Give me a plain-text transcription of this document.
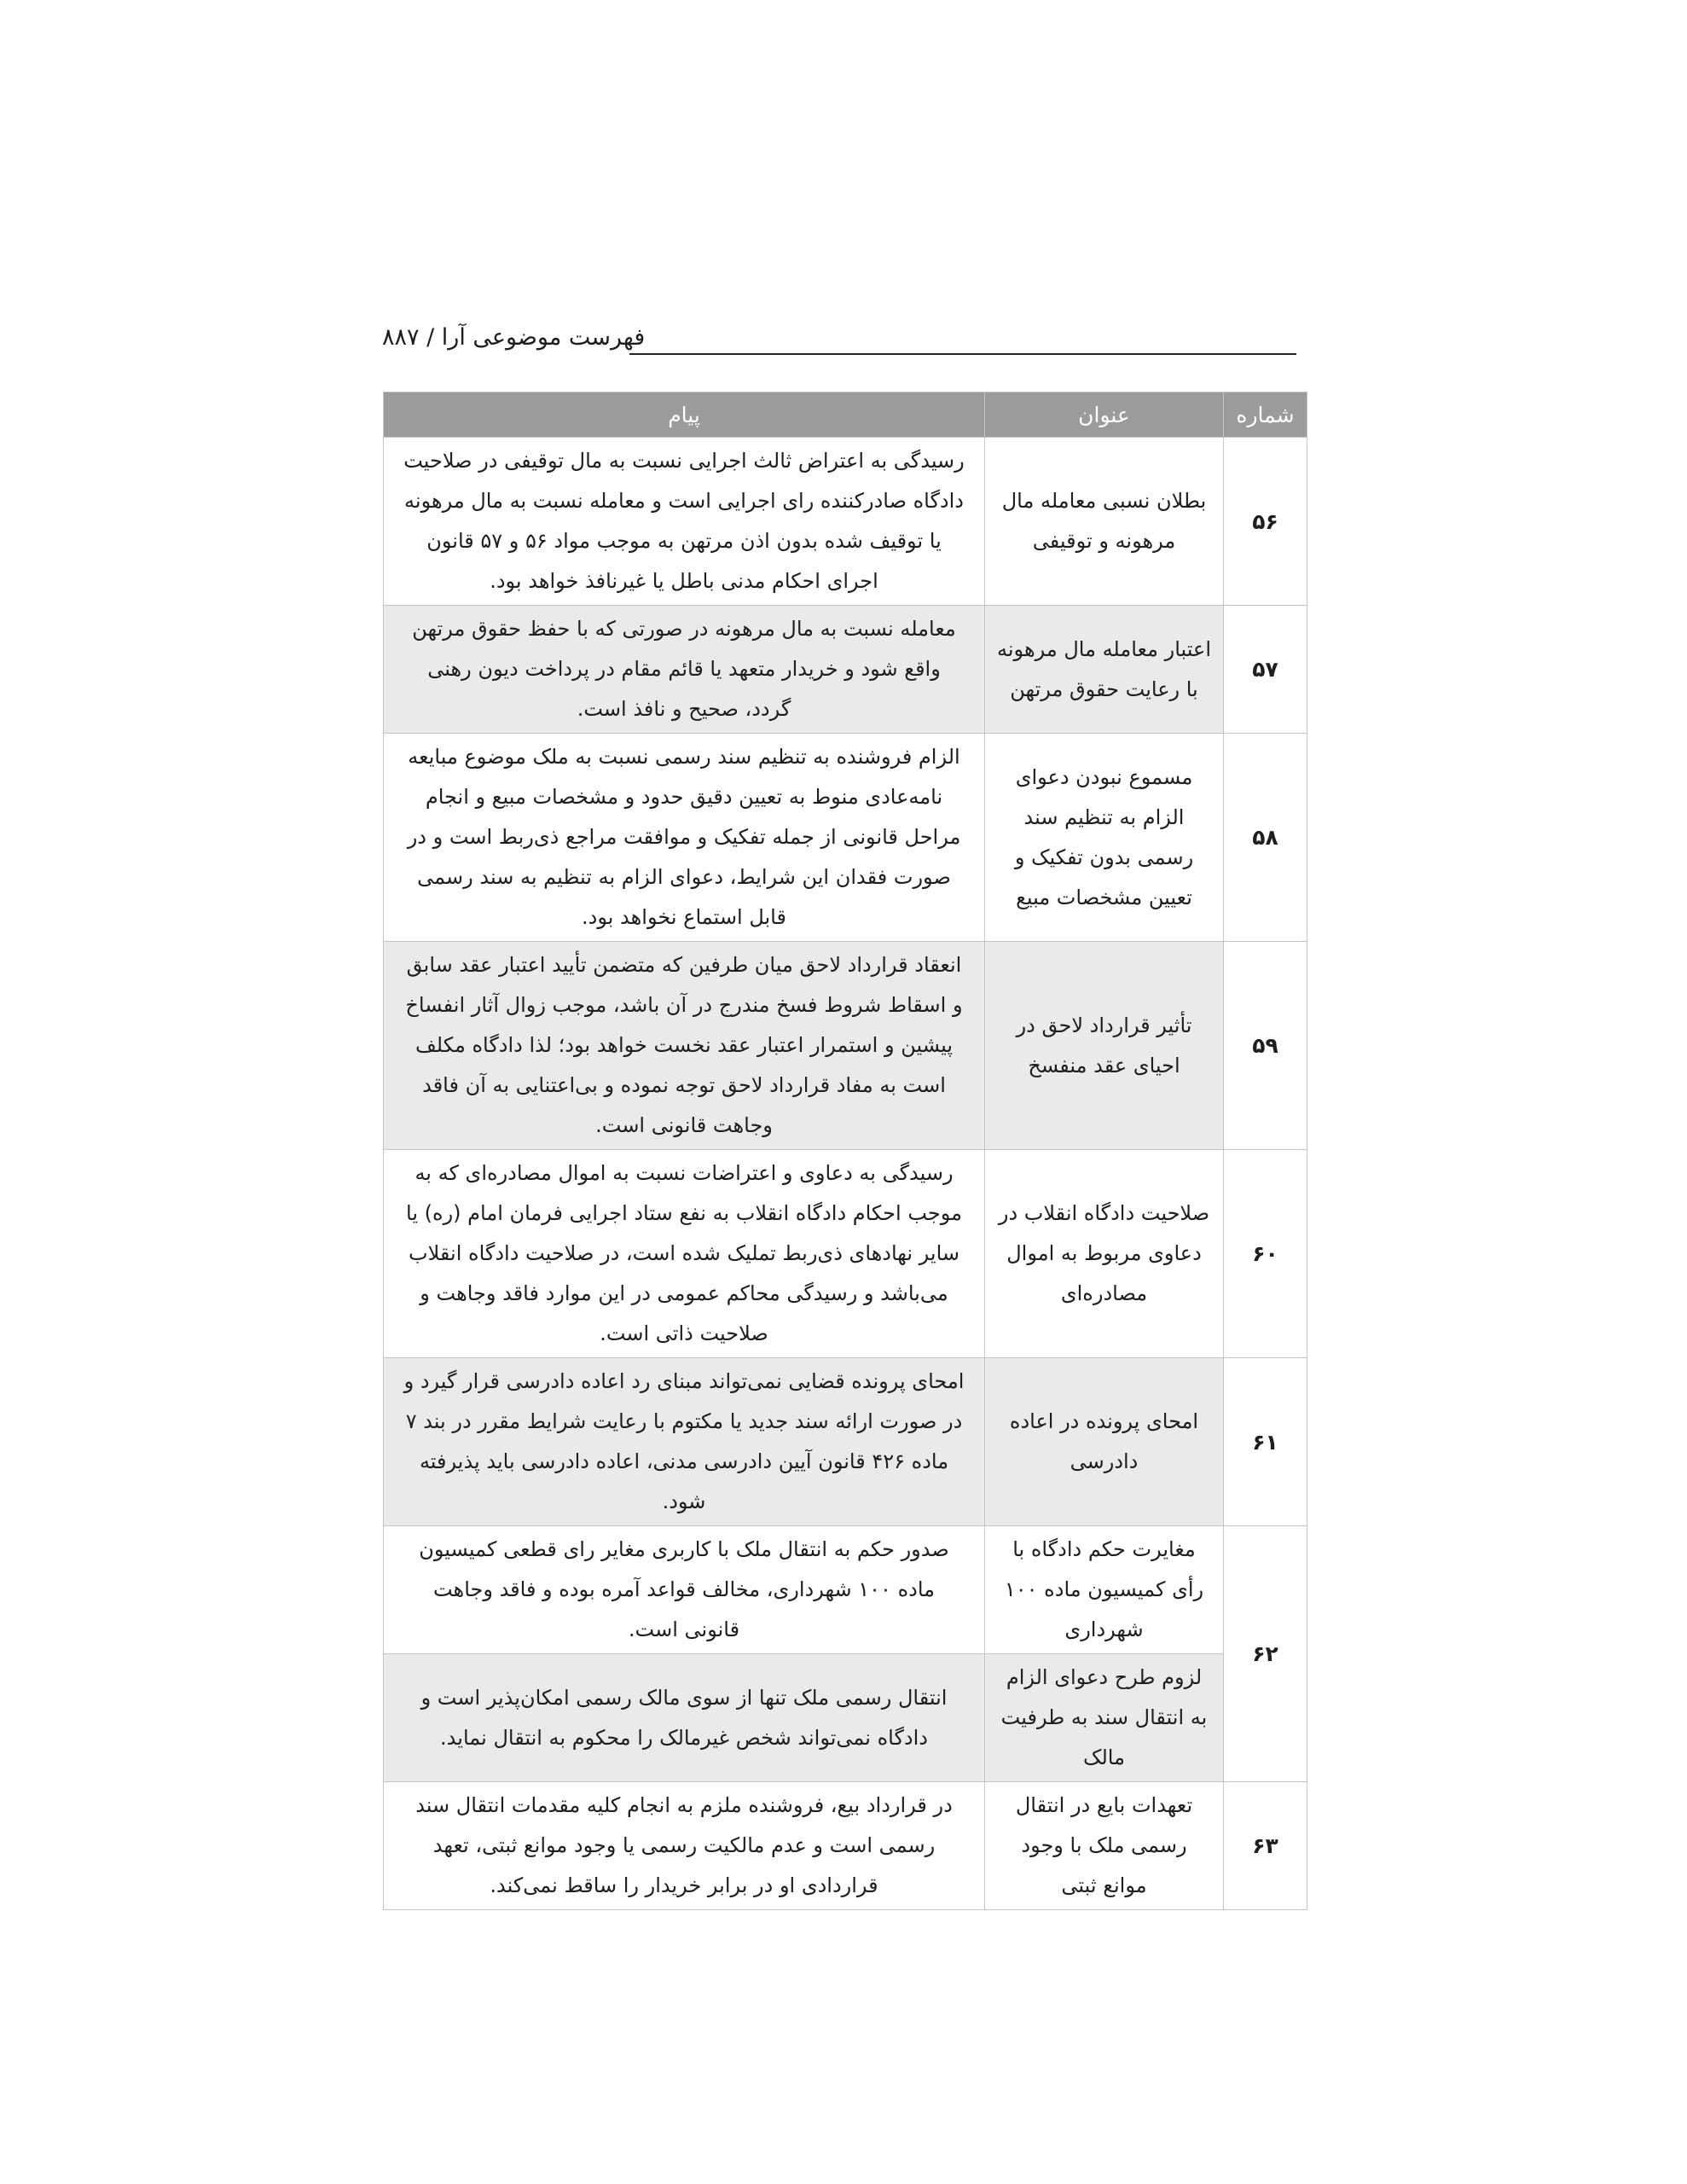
فهرست موضوعی آرا / ۸۸۷
شماره	عنوان	پیام
۵۶	بطلان نسبی معامله مال مرهونه و توقیفی	رسیدگی به اعتراض ثالث اجرایی نسبت به مال توقیفی در صلاحیت دادگاه صادرکننده رای اجرایی است و معامله نسبت به مال مرهونه یا توقیف شده بدون اذن مرتهن به موجب مواد ۵۶ و ۵۷ قانون اجرای احکام مدنی باطل یا غیرنافذ خواهد بود.
۵۷	اعتبار معامله مال مرهونه با رعایت حقوق مرتهن	معامله نسبت به مال مرهونه در صورتی که با حفظ حقوق مرتهن واقع شود و خریدار متعهد یا قائم مقام در پرداخت دیون رهنی گردد، صحیح و نافذ است.
۵۸	مسموع نبودن دعوای الزام به تنظیم سند رسمی بدون تفکیک و تعیین مشخصات مبیع	الزام فروشنده به تنظیم سند رسمی نسبت به ملک موضوع مبایعه نامه‌عادی منوط به تعیین دقیق حدود و مشخصات مبیع و انجام مراحل قانونی از جمله تفکیک و موافقت مراجع ذی‌ربط است و در صورت فقدان این شرایط، دعوای الزام به تنظیم به سند رسمی قابل استماع نخواهد بود.
۵۹	تأثیر قرارداد لاحق در احیای عقد منفسخ	انعقاد قرارداد لاحق میان طرفین که متضمن تأیید اعتبار عقد سابق و اسقاط شروط فسخ مندرج در آن باشد، موجب زوال آثار انفساخ پیشین و استمرار اعتبار عقد نخست خواهد بود؛ لذا دادگاه مکلف است به مفاد قرارداد لاحق توجه نموده و بی‌اعتنایی به آن فاقد وجاهت قانونی است.
۶۰	صلاحیت دادگاه انقلاب در دعاوی مربوط به اموال مصادره‌ای	رسیدگی به دعاوی و اعتراضات نسبت به اموال مصادره‌ای که به موجب احکام دادگاه انقلاب به نفع ستاد اجرایی فرمان امام (ره) یا سایر نهادهای ذی‌ربط تملیک شده است، در صلاحیت دادگاه انقلاب می‌باشد و رسیدگی محاکم عمومی در این موارد فاقد وجاهت و صلاحیت ذاتی است.
۶۱	امحای پرونده در اعاده دادرسی	امحای پرونده قضایی نمی‌تواند مبنای رد اعاده دادرسی قرار گیرد و در صورت ارائه سند جدید یا مکتوم با رعایت شرایط مقرر در بند ۷ ماده ۴۲۶ قانون آیین دادرسی مدنی، اعاده دادرسی باید پذیرفته شود.
۶۲	مغایرت حکم دادگاه با رأی کمیسیون ماده ۱۰۰ شهرداری	صدور حکم به انتقال ملک با کاربری مغایر رای قطعی کمیسیون ماده ۱۰۰ شهرداری، مخالف قواعد آمره بوده و فاقد وجاهت قانونی است.
	لزوم طرح دعوای الزام به انتقال سند به طرفیت مالک	انتقال رسمی ملک تنها از سوی مالک رسمی امکان‌پذیر است و دادگاه نمی‌تواند شخص غیرمالک را محکوم به انتقال نماید.
۶۳	تعهدات بایع در انتقال رسمی ملک با وجود موانع ثبتی	در قرارداد بیع، فروشنده ملزم به انجام کلیه مقدمات انتقال سند رسمی است و عدم مالکیت رسمی یا وجود موانع ثبتی، تعهد قراردادی او در برابر خریدار را ساقط نمی‌کند.
